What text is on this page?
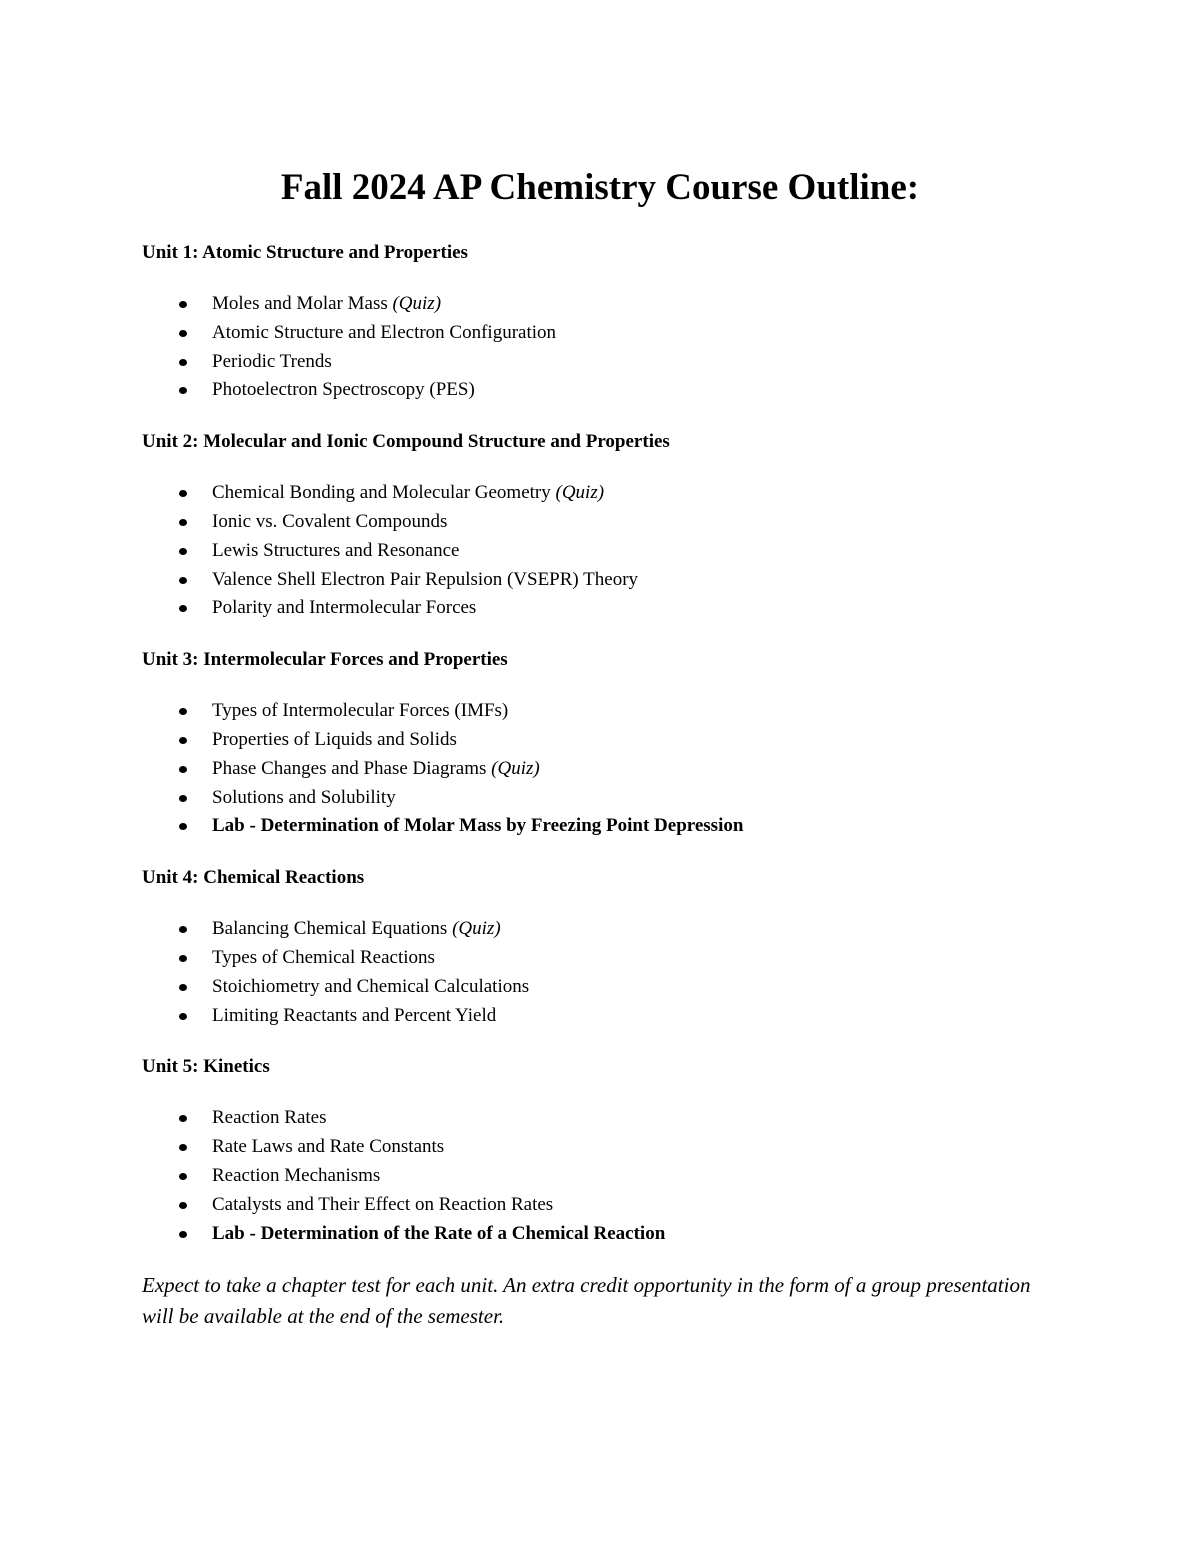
Fall 2024 AP Chemistry Course Outline:
Unit 1: Atomic Structure and Properties
Moles and Molar Mass (Quiz)
Atomic Structure and Electron Configuration
Periodic Trends
Photoelectron Spectroscopy (PES)
Unit 2: Molecular and Ionic Compound Structure and Properties
Chemical Bonding and Molecular Geometry (Quiz)
Ionic vs. Covalent Compounds
Lewis Structures and Resonance
Valence Shell Electron Pair Repulsion (VSEPR) Theory
Polarity and Intermolecular Forces
Unit 3: Intermolecular Forces and Properties
Types of Intermolecular Forces (IMFs)
Properties of Liquids and Solids
Phase Changes and Phase Diagrams (Quiz)
Solutions and Solubility
Lab - Determination of Molar Mass by Freezing Point Depression
Unit 4: Chemical Reactions
Balancing Chemical Equations (Quiz)
Types of Chemical Reactions
Stoichiometry and Chemical Calculations
Limiting Reactants and Percent Yield
Unit 5: Kinetics
Reaction Rates
Rate Laws and Rate Constants
Reaction Mechanisms
Catalysts and Their Effect on Reaction Rates
Lab - Determination of the Rate of a Chemical Reaction

Expect to take a chapter test for each unit. An extra credit opportunity in the form of a group presentation will be available at the end of the semester.
